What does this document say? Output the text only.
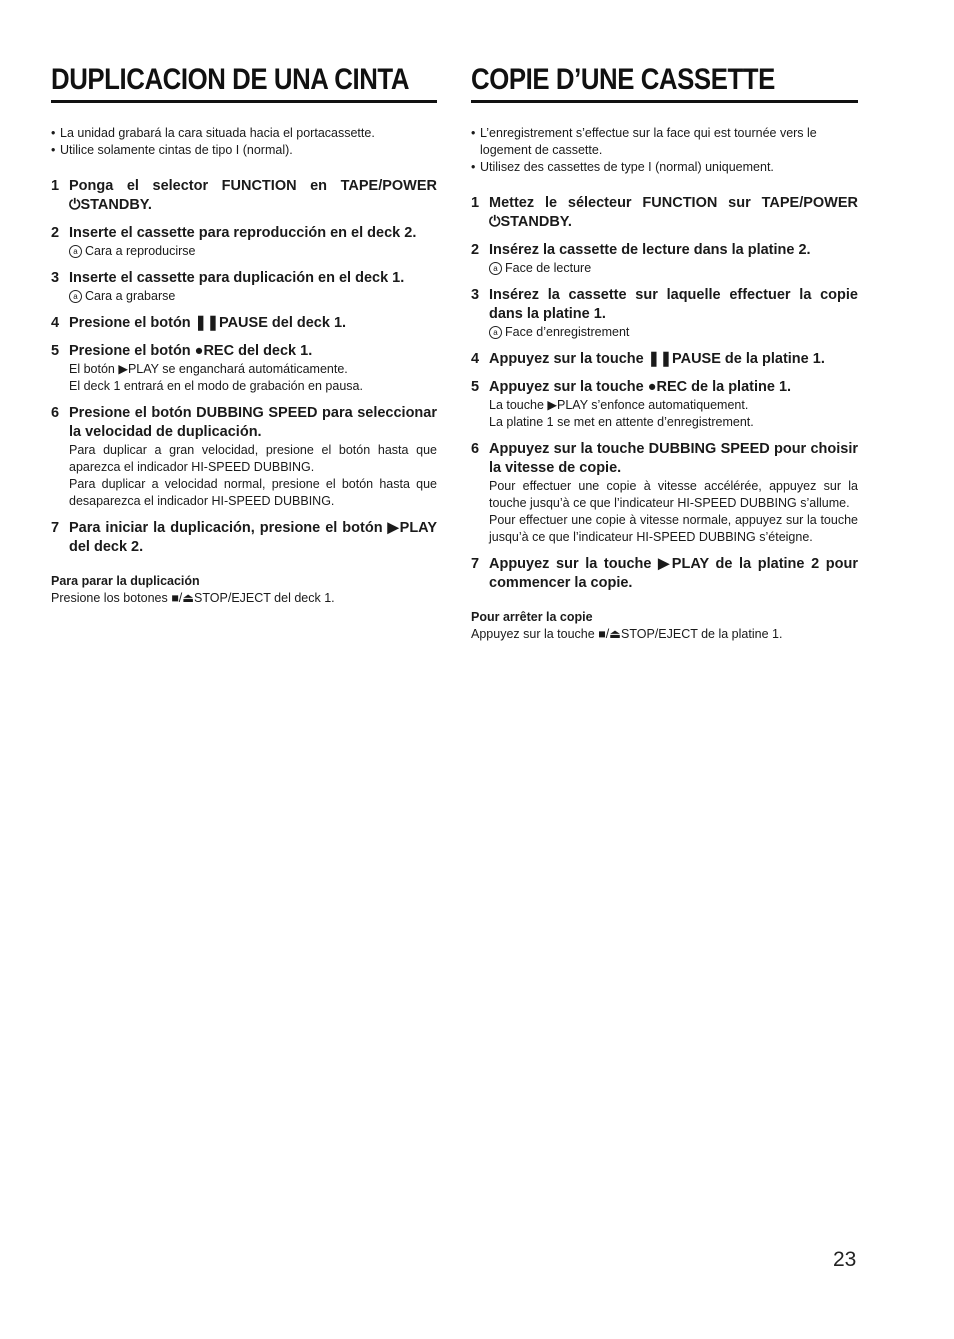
DUPLICACION DE UNA CINTA
• La unidad grabará la cara situada hacia el portacassette.
• Utilice solamente cintas de tipo I (normal).
1 Ponga el selector FUNCTION en TAPE/POWER ⏻STANDBY.
2 Inserte el cassette para reproducción en el deck 2.
a Cara a reproducirse
3 Inserte el cassette para duplicación en el deck 1.
a Cara a grabarse
4 Presione el botón ❚❚PAUSE del deck 1.
5 Presione el botón ●REC del deck 1.
El botón ▶PLAY se enganchará automáticamente.
El deck 1 entrará en el modo de grabación en pausa.
6 Presione el botón DUBBING SPEED para seleccionar la velocidad de duplicación.
Para duplicar a gran velocidad, presione el botón hasta que aparezca el indicador HI-SPEED DUBBING.
Para duplicar a velocidad normal, presione el botón hasta que desaparezca el indicador HI-SPEED DUBBING.
7 Para iniciar la duplicación, presione el botón ▶PLAY del deck 2.
Para parar la duplicación
Presione los botones ■/⏏STOP/EJECT del deck 1.
COPIE D’UNE CASSETTE
• L’enregistrement s’effectue sur la face qui est tournée vers le logement de cassette.
• Utilisez des cassettes de type I (normal) uniquement.
1 Mettez le sélecteur FUNCTION sur TAPE/POWER ⏻STANDBY.
2 Insérez la cassette de lecture dans la platine 2.
a Face de lecture
3 Insérez la cassette sur laquelle effectuer la copie dans la platine 1.
a Face d’enregistrement
4 Appuyez sur la touche ❚❚PAUSE de la platine 1.
5 Appuyez sur la touche ●REC de la platine 1.
La touche ▶PLAY s’enfonce automatiquement.
La platine 1 se met en attente d’enregistrement.
6 Appuyez sur la touche DUBBING SPEED pour choisir la vitesse de copie.
Pour effectuer une copie à vitesse accélérée, appuyez sur la touche jusqu’à ce que l’indicateur HI-SPEED DUBBING s’allume.
Pour effectuer une copie à vitesse normale, appuyez sur la touche jusqu’à ce que l’indicateur HI-SPEED DUBBING s’éteigne.
7 Appuyez sur la touche ▶PLAY de la platine 2 pour commencer la copie.
Pour arrêter la copie
Appuyez sur la touche ■/⏏STOP/EJECT de la platine 1.
23
